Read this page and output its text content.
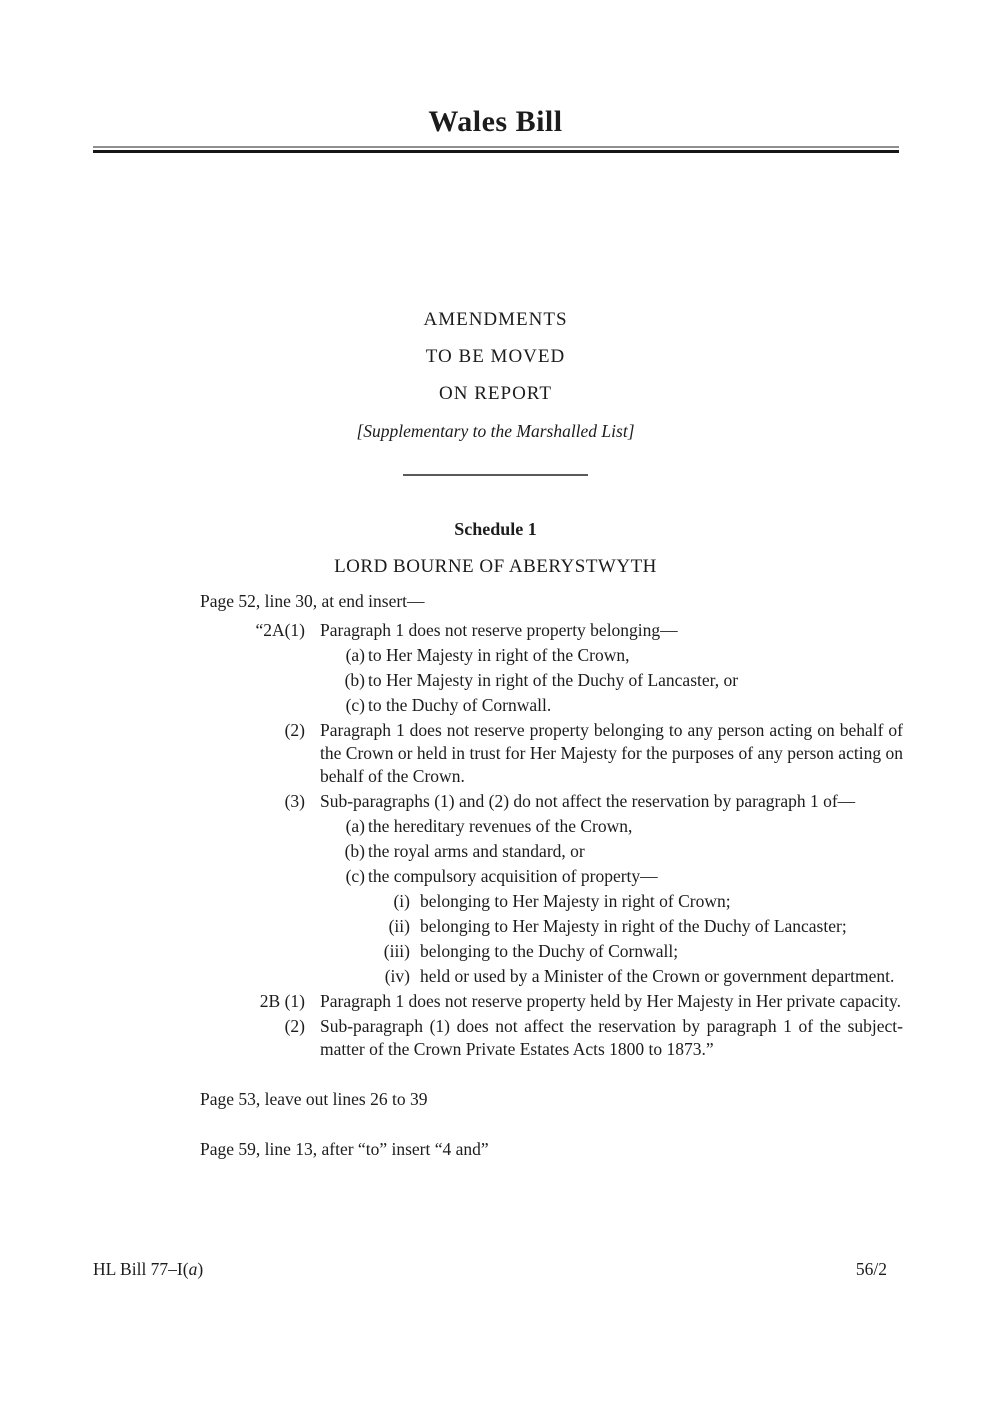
Wales Bill
AMENDMENTS
TO BE MOVED
ON REPORT
[Supplementary to the Marshalled List]
Schedule 1
LORD BOURNE OF ABERYSTWYTH
Page 52, line 30, at end insert—
“2A(1) Paragraph 1 does not reserve property belonging—
(a) to Her Majesty in right of the Crown,
(b) to Her Majesty in right of the Duchy of Lancaster, or
(c) to the Duchy of Cornwall.
(2) Paragraph 1 does not reserve property belonging to any person acting on behalf of the Crown or held in trust for Her Majesty for the purposes of any person acting on behalf of the Crown.
(3) Sub-paragraphs (1) and (2) do not affect the reservation by paragraph 1 of—
(a) the hereditary revenues of the Crown,
(b) the royal arms and standard, or
(c) the compulsory acquisition of property—
(i) belonging to Her Majesty in right of Crown;
(ii) belonging to Her Majesty in right of the Duchy of Lancaster;
(iii) belonging to the Duchy of Cornwall;
(iv) held or used by a Minister of the Crown or government department.
2B (1) Paragraph 1 does not reserve property held by Her Majesty in Her private capacity.
(2) Sub-paragraph (1) does not affect the reservation by paragraph 1 of the subject-matter of the Crown Private Estates Acts 1800 to 1873.”
Page 53, leave out lines 26 to 39
Page 59, line 13, after “to” insert “4 and”
HL Bill 77–I(a)	56/2
